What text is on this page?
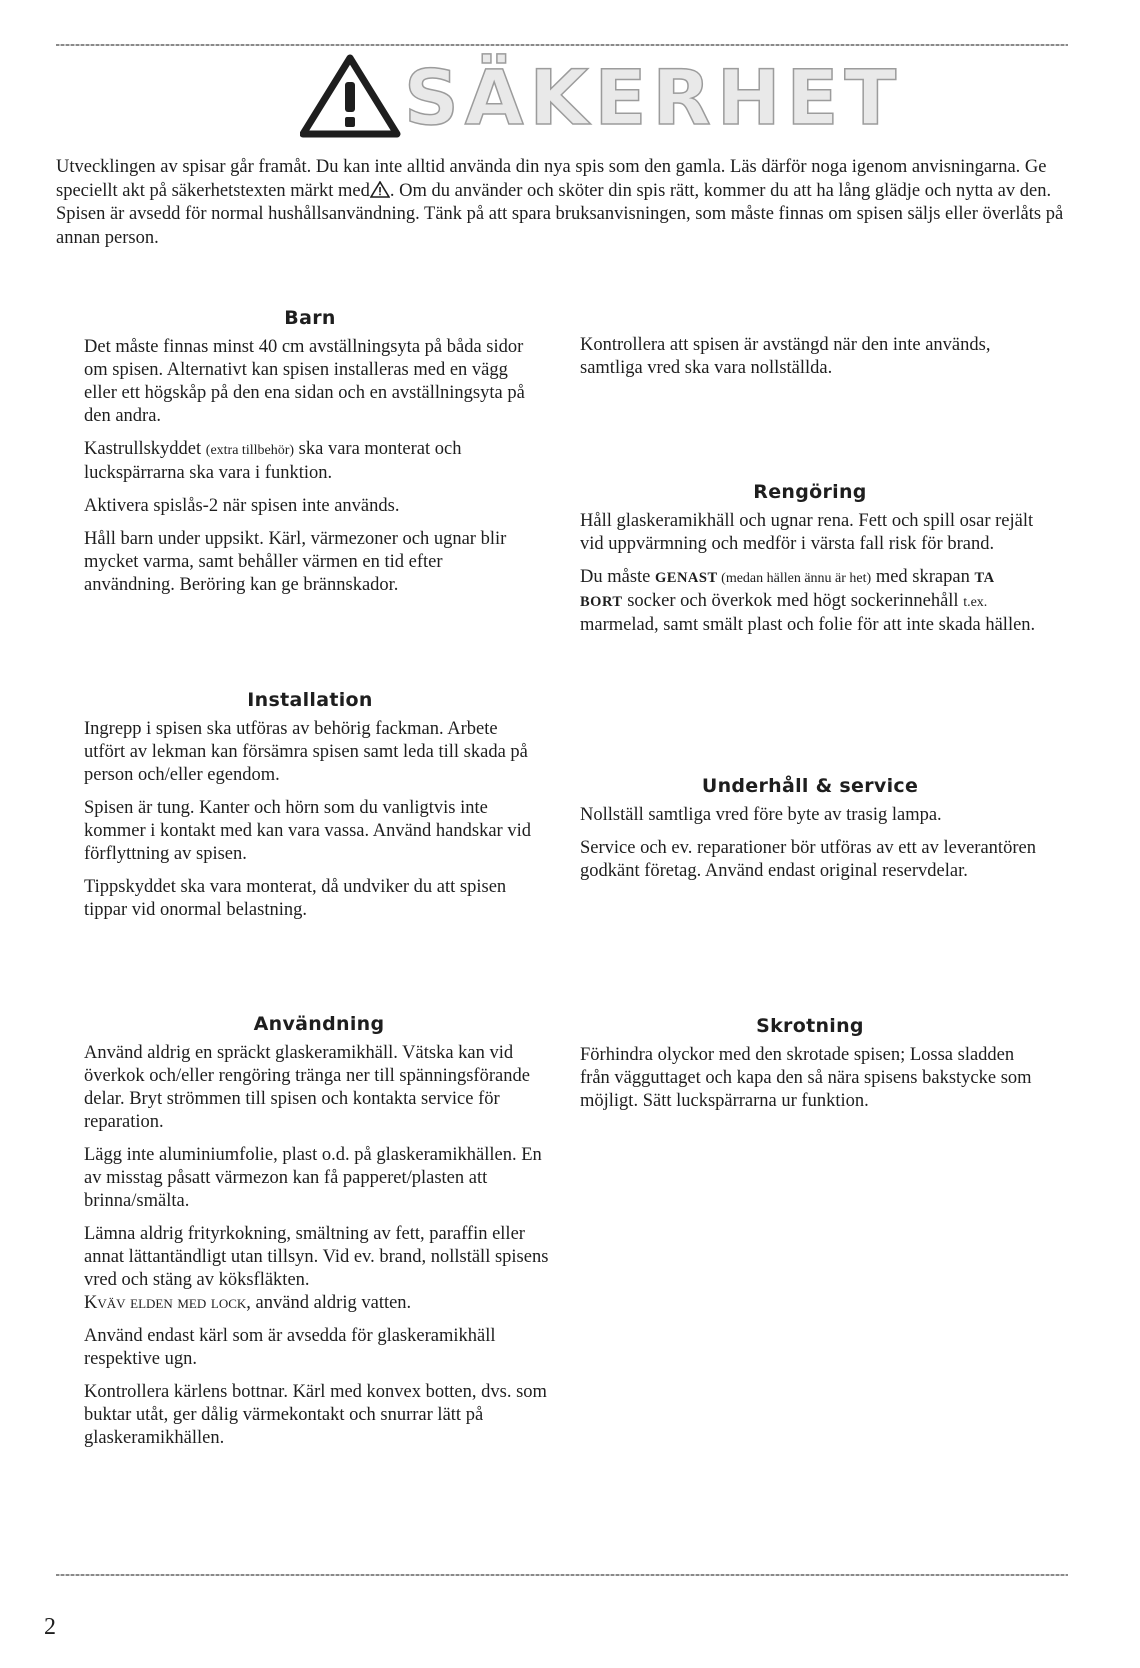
SÄKERHET

Utvecklingen av spisar går framåt. Du kan inte alltid använda din nya spis som den gamla. Läs därför noga igenom anvisningarna. Ge speciellt akt på säkerhetstexten märkt med . Om du använder och sköter din spis rätt, kommer du att ha lång glädje och nytta av den. Spisen är avsedd för normal hushållsanvändning. Tänk på att spara bruksanvisningen, som måste finnas om spisen säljs eller överlåts på annan person.

Barn

Det måste finnas minst 40 cm avställningsyta på båda sidor om spisen. Alternativt kan spisen installeras med en vägg eller ett högskåp på den ena sidan och en avställningsyta på den andra.

Kastrullskyddet (extra tillbehör) ska vara monterat och luckspärrarna ska vara i funktion.

Aktivera spislås-2 när spisen inte används.

Håll barn under uppsikt. Kärl, värmezoner och ugnar blir mycket varma, samt behåller värmen en tid efter användning. Beröring kan ge brännskador.

Kontrollera att spisen är avstängd när den inte används, samtliga vred ska vara nollställda.

Rengöring

Håll glaskeramikhäll och ugnar rena. Fett och spill osar rejält vid uppvärmning och medför i värsta fall risk för brand.

Du måste GENAST (medan hällen ännu är het) med skrapan TA BORT socker och överkok med högt sockerinnehåll t.ex. marmelad, samt smält plast och folie för att inte skada hällen.

Installation

Ingrepp i spisen ska utföras av behörig fackman. Arbete utfört av lekman kan försämra spisen samt leda till skada på person och/eller egendom.

Spisen är tung. Kanter och hörn som du vanligtvis inte kommer i kontakt med kan vara vassa. Använd handskar vid förflyttning av spisen.

Tippskyddet ska vara monterat, då undviker du att spisen tippar vid onormal belastning.

Underhåll & service

Nollställ samtliga vred före byte av trasig lampa.

Service och ev. reparationer bör utföras av ett av leverantören godkänt företag. Använd endast original reservdelar.

Användning

Använd aldrig en spräckt glaskeramikhäll. Vätska kan vid överkok och/eller rengöring tränga ner till spänningsförande delar. Bryt strömmen till spisen och kontakta service för reparation.

Lägg inte aluminiumfolie, plast o.d. på glaskeramikhällen. En av misstag påsatt värmezon kan få papperet/plasten att brinna/smälta.

Lämna aldrig frityrkokning, smältning av fett, paraffin eller annat lättantändligt utan tillsyn. Vid ev. brand, nollställ spisens vred och stäng av köksfläkten.

Kväv elden med lock, använd aldrig vatten.

Använd endast kärl som är avsedda för glaskeramikhäll respektive ugn.

Kontrollera kärlens bottnar. Kärl med konvex botten, dvs. som buktar utåt, ger dålig värmekontakt och snurrar lätt på glaskeramikhällen.

Skrotning

Förhindra olyckor med den skrotade spisen; Lossa sladden från vägguttaget och kapa den så nära spisens bakstycke som möjligt. Sätt luckspärrarna ur funktion.

2
